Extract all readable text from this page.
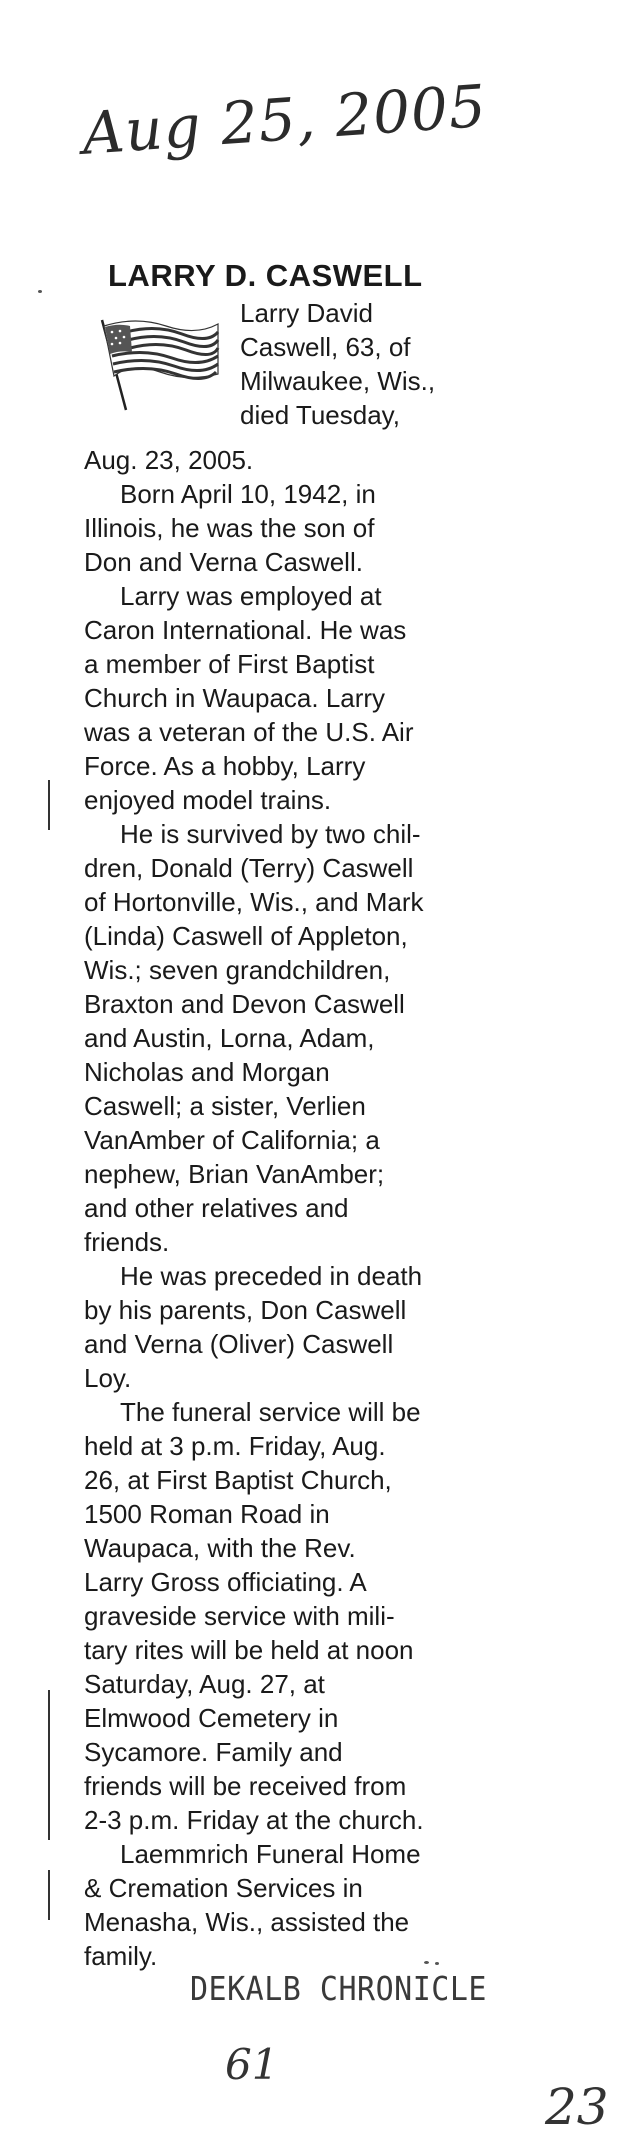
Aug 25, 2005
LARRY D. CASWELL
Larry David
Caswell, 63, of
Milwaukee, Wis.,
died Tuesday,
Aug. 23, 2005.
Born April 10, 1942, in
Illinois, he was the son of
Don and Verna Caswell.
Larry was employed at
Caron International. He was
a member of First Baptist
Church in Waupaca. Larry
was a veteran of the U.S. Air
Force. As a hobby, Larry
enjoyed model trains.
He is survived by two chil-
dren, Donald (Terry) Caswell
of Hortonville, Wis., and Mark
(Linda) Caswell of Appleton,
Wis.; seven grandchildren,
Braxton and Devon Caswell
and Austin, Lorna, Adam,
Nicholas and Morgan
Caswell; a sister, Verlien
VanAmber of California; a
nephew, Brian VanAmber;
and other relatives and
friends.
He was preceded in death
by his parents, Don Caswell
and Verna (Oliver) Caswell
Loy.
The funeral service will be
held at 3 p.m. Friday, Aug.
26, at First Baptist Church,
1500 Roman Road in
Waupaca, with the Rev.
Larry Gross officiating. A
graveside service with mili-
tary rites will be held at noon
Saturday, Aug. 27, at
Elmwood Cemetery in
Sycamore. Family and
friends will be received from
2-3 p.m. Friday at the church.
Laemmrich Funeral Home
& Cremation Services in
Menasha, Wis., assisted the
family.
DEKALB CHRONICLE
61
23
